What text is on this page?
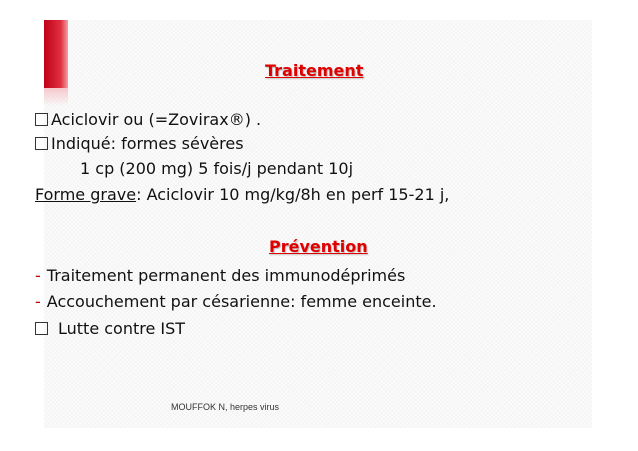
Traitement
Aciclovir ou (=Zovirax®) .
Indiqué: formes sévères
1 cp (200 mg) 5 fois/j pendant 10j
Forme grave: Aciclovir 10 mg/kg/8h en perf 15-21 j,
Prévention
- Traitement permanent des immunodéprimés
- Accouchement par césarienne: femme enceinte.
Lutte contre IST
MOUFFOK N, herpes virus
